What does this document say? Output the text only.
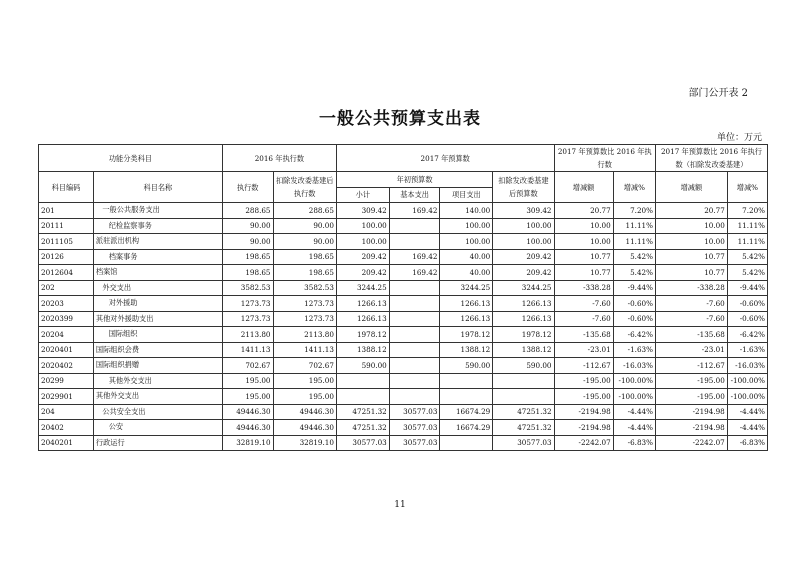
部门公开表 2
一般公共预算支出表
单位：万元
功能分类科目		2016 年执行数		2017 年预算数				2017 年预算数比 2016 年执行数		2017 年预算数比 2016 年执行数（扣除发改委基建）	
科目编码	科目名称	执行数	扣除发改委基建后执行数	年初预算数			扣除发改委基建后预算数	增减额	增减%	增减额	增减%
				小计	基本支出	项目支出					
201	一般公共服务支出	288.65	288.65	309.42	169.42	140.00	309.42	20.77	7.20%	20.77	7.20%
20111	纪检监察事务	90.00	90.00	100.00		100.00	100.00	10.00	11.11%	10.00	11.11%
2011105	派驻派出机构	90.00	90.00	100.00		100.00	100.00	10.00	11.11%	10.00	11.11%
20126	档案事务	198.65	198.65	209.42	169.42	40.00	209.42	10.77	5.42%	10.77	5.42%
2012604	档案馆	198.65	198.65	209.42	169.42	40.00	209.42	10.77	5.42%	10.77	5.42%
202	外交支出	3582.53	3582.53	3244.25		3244.25	3244.25	-338.28	-9.44%	-338.28	-9.44%
20203	对外援助	1273.73	1273.73	1266.13		1266.13	1266.13	-7.60	-0.60%	-7.60	-0.60%
2020399	其他对外援助支出	1273.73	1273.73	1266.13		1266.13	1266.13	-7.60	-0.60%	-7.60	-0.60%
20204	国际组织	2113.80	2113.80	1978.12		1978.12	1978.12	-135.68	-6.42%	-135.68	-6.42%
2020401	国际组织会费	1411.13	1411.13	1388.12		1388.12	1388.12	-23.01	-1.63%	-23.01	-1.63%
2020402	国际组织捐赠	702.67	702.67	590.00		590.00	590.00	-112.67	-16.03%	-112.67	-16.03%
20299	其他外交支出	195.00	195.00					-195.00	-100.00%	-195.00	-100.00%
2029901	其他外交支出	195.00	195.00					-195.00	-100.00%	-195.00	-100.00%
204	公共安全支出	49446.30	49446.30	47251.32	30577.03	16674.29	47251.32	-2194.98	-4.44%	-2194.98	-4.44%
20402	公安	49446.30	49446.30	47251.32	30577.03	16674.29	47251.32	-2194.98	-4.44%	-2194.98	-4.44%
2040201	行政运行	32819.10	32819.10	30577.03	30577.03		30577.03	-2242.07	-6.83%	-2242.07	-6.83%
11
